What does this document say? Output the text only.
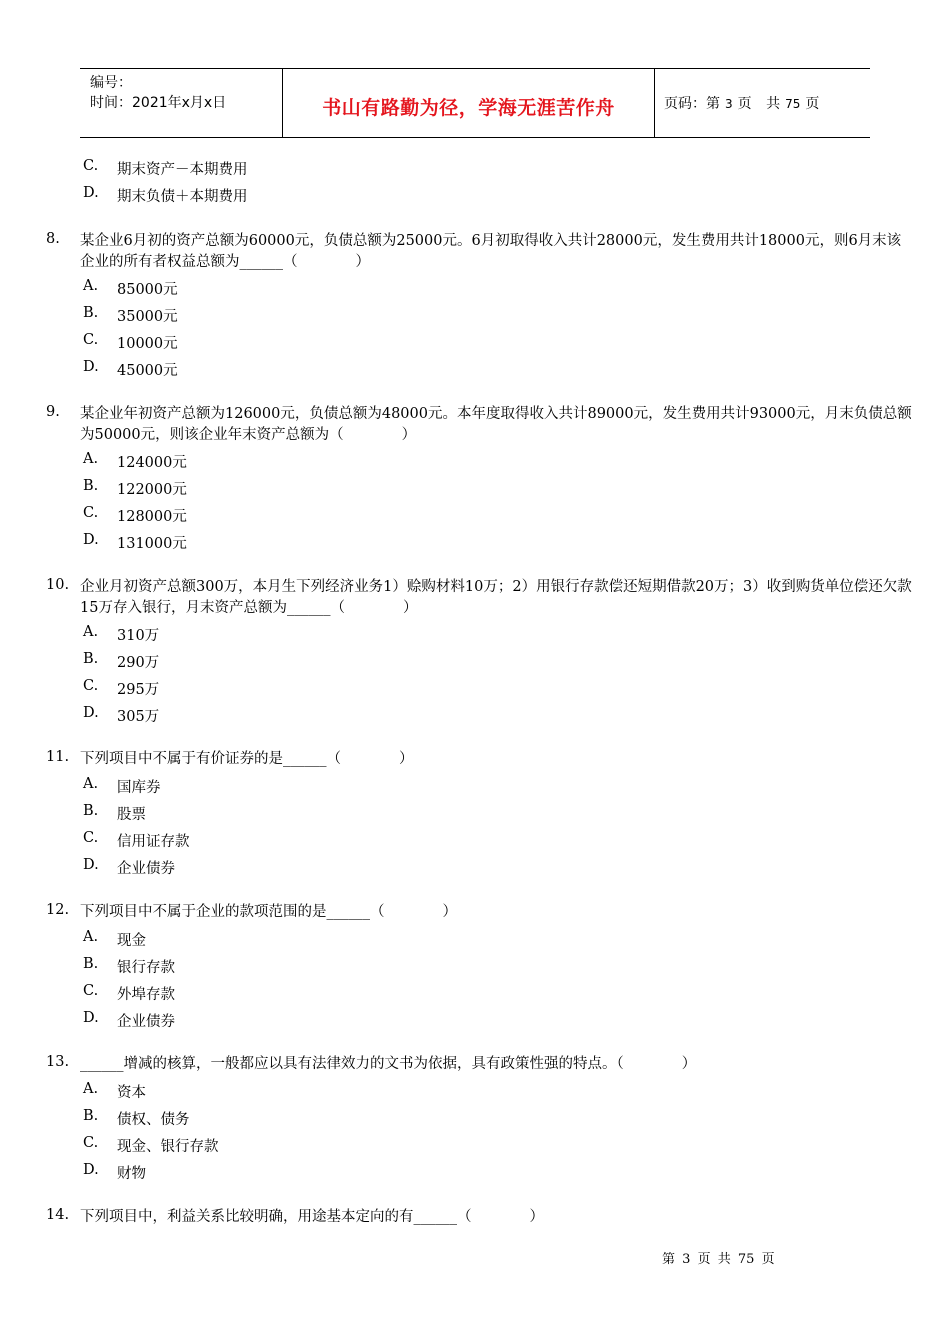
编号：
时间：2021年x月x日	书山有路勤为径，学海无涯苦作舟	页码：第 3 页
共 75 页
C. 期末资产－本期费用
D. 期末负债＋本期费用
8. 某企业6月初的资产总额为60000元，负债总额为25000元。6月初取得收入共计28000元，发生费用共计18000元，则6月末该企业的所有者权益总额为______（　　　　）
A. 85000元
B. 35000元
C. 10000元
D. 45000元
9. 某企业年初资产总额为126000元，负债总额为48000元。本年度取得收入共计89000元，发生费用共计93000元，月末负债总额为50000元，则该企业年末资产总额为（　　　　）
A. 124000元
B. 122000元
C. 128000元
D. 131000元
10. 企业月初资产总额300万，本月生下列经济业务1）赊购材料10万；2）用银行存款偿还短期借款20万；3）收到购货单位偿还欠款15万存入银行，月末资产总额为______（　　　　）
A. 310万
B. 290万
C. 295万
D. 305万
11. 下列项目中不属于有价证券的是______（　　　　）
A. 国库券
B. 股票
C. 信用证存款
D. 企业债券
12. 下列项目中不属于企业的款项范围的是______（　　　　）
A. 现金
B. 银行存款
C. 外埠存款
D. 企业债券
13. ______增减的核算，一般都应以具有法律效力的文书为依据，具有政策性强的特点。（　　　　）
A. 资本
B. 债权、债务
C. 现金、银行存款
D. 财物
14. 下列项目中，利益关系比较明确，用途基本定向的有______（　　　　）
第 3 页 共 75 页
